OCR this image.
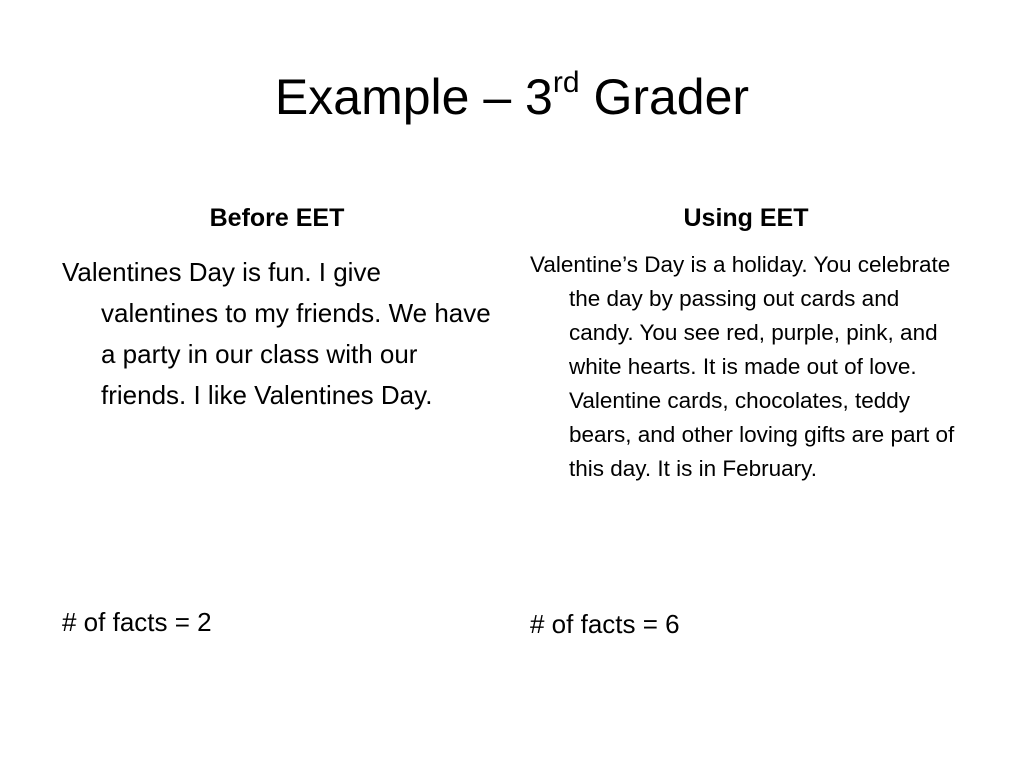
Example – 3rd Grader
Before EET

Valentines Day is fun. I give valentines to my friends. We have a party in our class with our friends. I like Valentines Day.

# of facts = 2

Using EET

Valentine’s Day is a holiday. You celebrate the day by passing out cards and candy. You see red, purple, pink, and white hearts. It is made out of love. Valentine cards, chocolates, teddy bears, and other loving gifts are part of this day. It is in February.

# of facts = 6
